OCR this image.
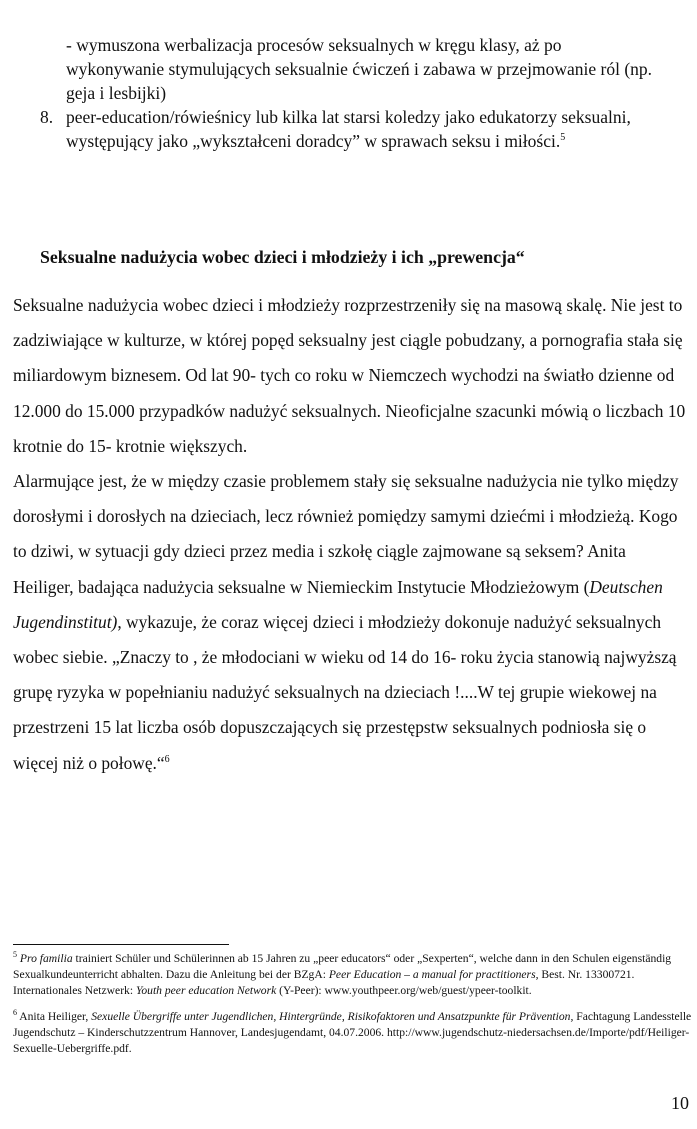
- wymuszona werbalizacja procesów seksualnych w kręgu klasy, aż po wykonywanie stymulujących seksualnie ćwiczeń i zabawa w przejmowanie ról (np. geja i lesbijki)
8. peer-education/rówieśnicy lub kilka lat starsi koledzy jako edukatorzy seksualni, występujący jako „wykształceni doradcy” w sprawach seksu i miłości.$^5$
Seksualne nadużycia wobec dzieci i młodzieży i ich „prewencja“

Seksualne nadużycia wobec dzieci i młodzieży rozprzestrzeniły się na masową skalę. Nie jest to zadziwiające w kulturze, w której popęd seksualny jest ciągle pobudzany, a pornografia stała się miliardowym biznesem. Od lat 90- tych co roku w Niemczech wychodzi na światło dzienne od 12.000 do 15.000 przypadków nadużyć seksualnych. Nieoficjalne szacunki mówią o liczbach 10 krotnie do 15- krotnie większych.

Alarmujące jest, że w między czasie problemem stały się seksualne nadużycia nie tylko między dorosłymi i dorosłych na dzieciach, lecz również pomiędzy samymi dziećmi i młodzieżą. Kogo to dziwi, w sytuacji gdy dzieci przez media i szkołę ciągle zajmowane są seksem? Anita Heiliger, badająca nadużycia seksualne w Niemieckim Instytucie Młodzieżowym (Deutschen Jugendinstitut), wykazuje, że coraz więcej dzieci i młodzieży dokonuje nadużyć seksualnych wobec siebie. „Znaczy to , że młodociani w wieku od 14 do 16- roku życia stanowią najwyższą grupę ryzyka w popełnianiu nadużyć seksualnych na dzieciach !....W tej grupie wiekowej na przestrzeni 15 lat liczba osób dopuszczających się przestępstw seksualnych podniosła się o więcej niż o połowę.“$^6$

$^5$ Pro familia trainiert Schüler und Schülerinnen ab 15 Jahren zu „peer educators“ oder „Sexperten“, welche dann in den Schulen eigenständig Sexualkundeunterricht abhalten. Dazu die Anleitung bei der BZgA: Peer Education – a manual for practitioners, Best. Nr. 13300721. Internationales Netzwerk: Youth peer education Network (Y-Peer): www.youthpeer.org/web/guest/ypeer-toolkit.

$^6$ Anita Heiliger, Sexuelle Übergriffe unter Jugendlichen, Hintergründe, Risikofaktoren und Ansatzpunkte für Prävention, Fachtagung Landesstelle Jugendschutz – Kinderschutzzentrum Hannover, Landesjugendamt, 04.07.2006. http://www.jugendschutz-niedersachsen.de/Importe/pdf/Heiliger-Sexuelle-Uebergriffe.pdf.

10
